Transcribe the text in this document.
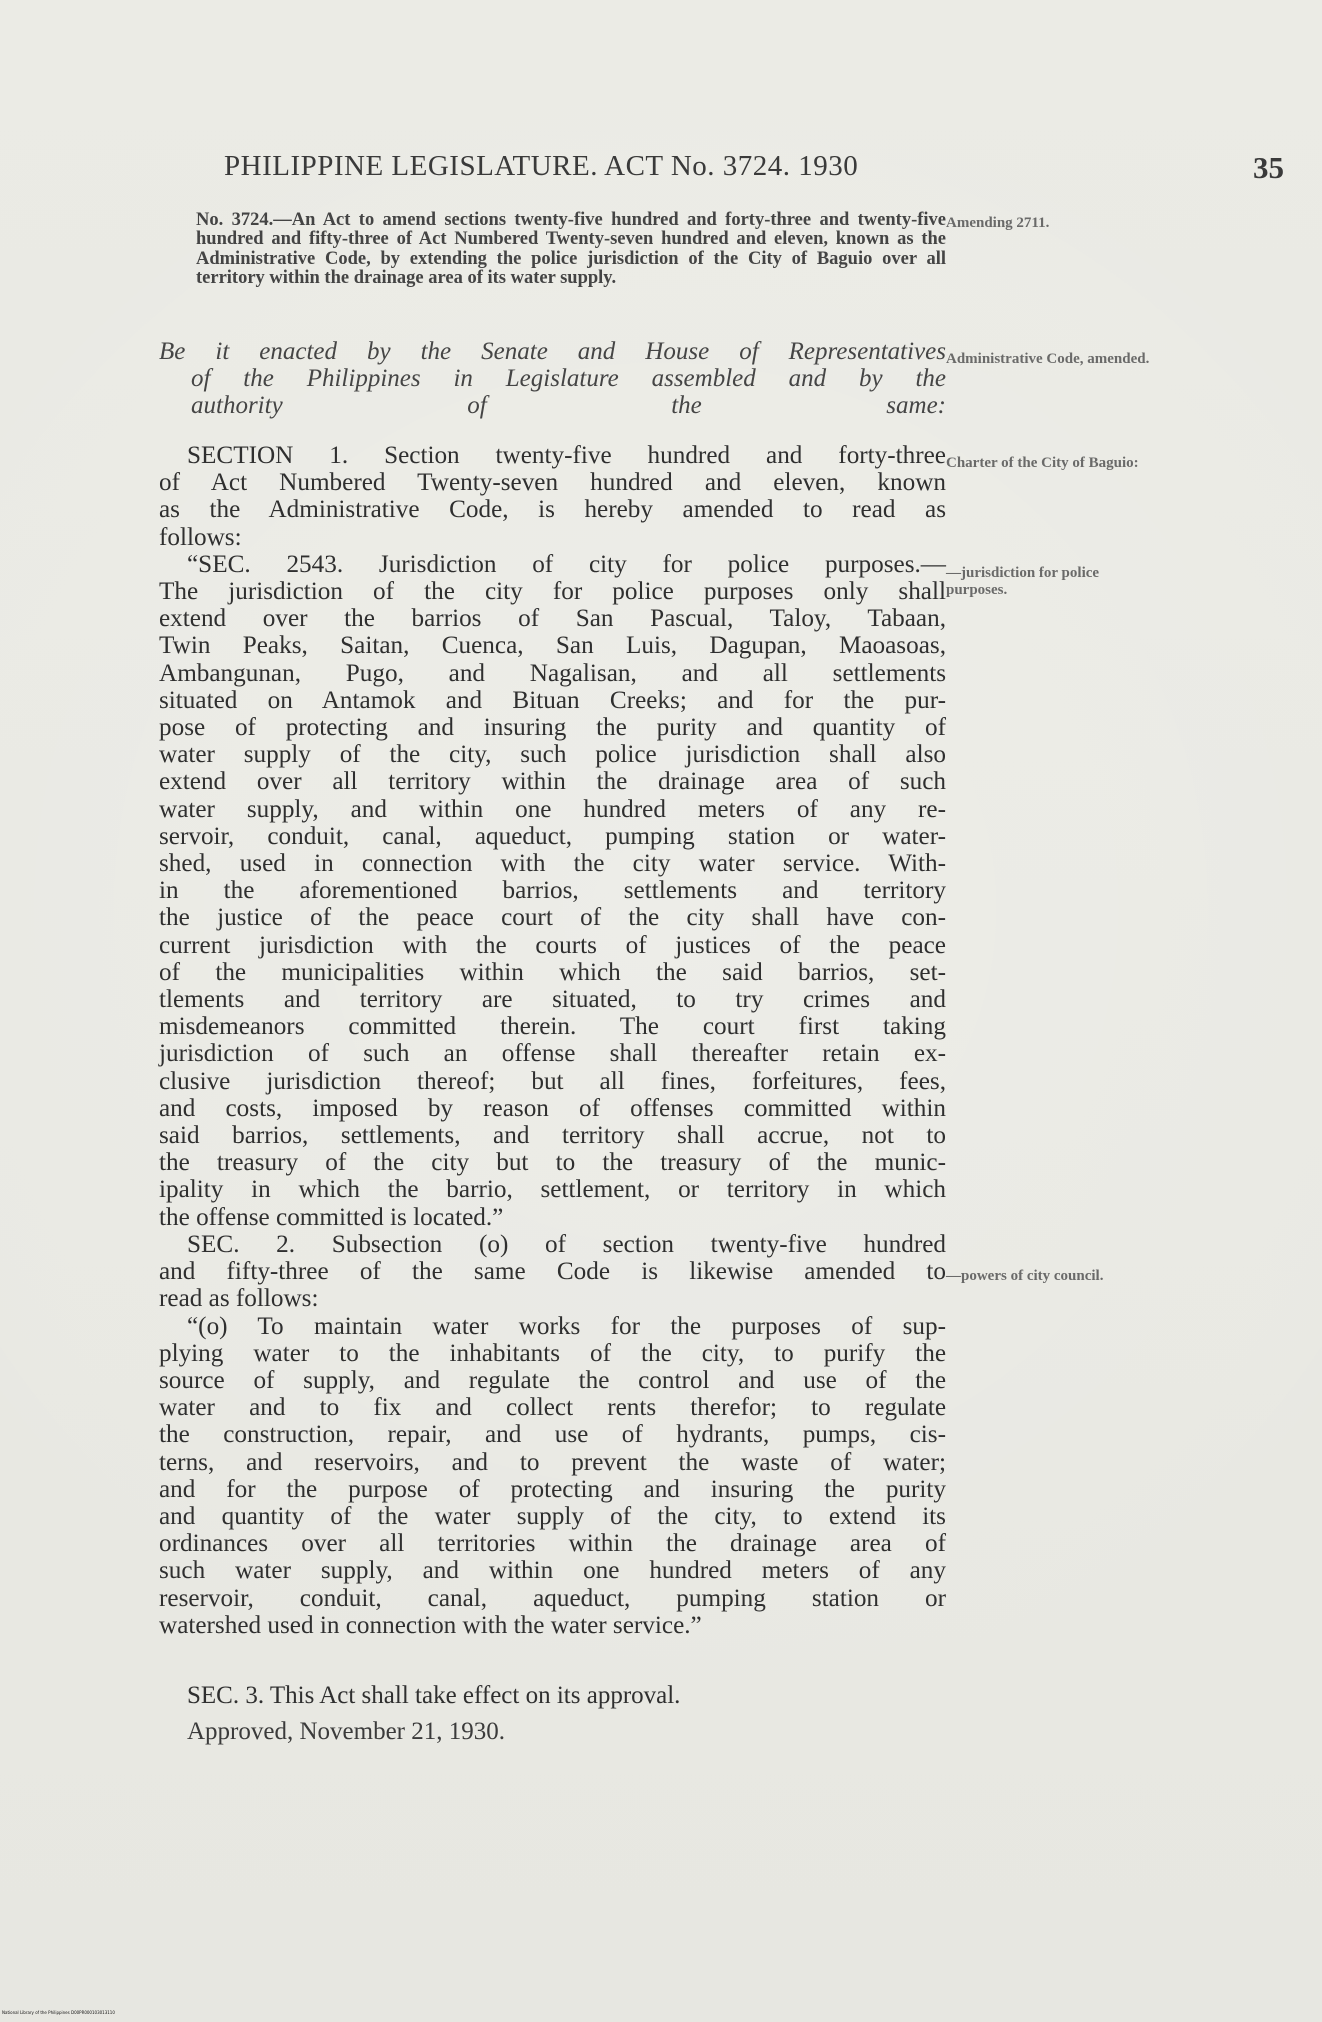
PHILIPPINE LEGISLATURE. ACT No. 3724. 1930	35
No. 3724.—An Act to amend sections twenty-five hundred and forty-three and twenty-five hundred and fifty-three of Act Numbered Twenty-seven hundred and eleven, known as the Administrative Code, by extending the police jurisdiction of the City of Baguio over all territory within the drainage area of its water supply.
Be it enacted by the Senate and House of Representatives
of the Philippines in Legislature assembled and by the
authority of the same:
SECTION 1. Section twenty-five hundred and forty-three
of Act Numbered Twenty-seven hundred and eleven, known
as the Administrative Code, is hereby amended to read as
follows:
“SEC. 2543. Jurisdiction of city for police purposes.—
The jurisdiction of the city for police purposes only shall
extend over the barrios of San Pascual, Taloy, Tabaan,
Twin Peaks, Saitan, Cuenca, San Luis, Dagupan, Maoasoas,
Ambangunan, Pugo, and Nagalisan, and all settlements
situated on Antamok and Bituan Creeks; and for the pur-
pose of protecting and insuring the purity and quantity of
water supply of the city, such police jurisdiction shall also
extend over all territory within the drainage area of such
water supply, and within one hundred meters of any re-
servoir, conduit, canal, aqueduct, pumping station or water-
shed, used in connection with the city water service. With-
in the aforementioned barrios, settlements and territory
the justice of the peace court of the city shall have con-
current jurisdiction with the courts of justices of the peace
of the municipalities within which the said barrios, set-
tlements and territory are situated, to try crimes and
misdemeanors committed therein. The court first taking
jurisdiction of such an offense shall thereafter retain ex-
clusive jurisdiction thereof; but all fines, forfeitures, fees,
and costs, imposed by reason of offenses committed within
said barrios, settlements, and territory shall accrue, not to
the treasury of the city but to the treasury of the munic-
ipality in which the barrio, settlement, or territory in which
the offense committed is located.”
SEC. 2. Subsection (o) of section twenty-five hundred
and fifty-three of the same Code is likewise amended to
read as follows:
“(o) To maintain water works for the purposes of sup-
plying water to the inhabitants of the city, to purify the
source of supply, and regulate the control and use of the
water and to fix and collect rents therefor; to regulate
the construction, repair, and use of hydrants, pumps, cis-
terns, and reservoirs, and to prevent the waste of water;
and for the purpose of protecting and insuring the purity
and quantity of the water supply of the city, to extend its
ordinances over all territories within the drainage area of
such water supply, and within one hundred meters of any
reservoir, conduit, canal, aqueduct, pumping station or
watershed used in connection with the water service.”
SEC. 3. This Act shall take effect on its approval.
Approved, November 21, 1930.
Amending 2711.
Administrative Code, amended.
Charter of the City of Baguio:
—jurisdiction for police purposes.
—powers of city council.
National Library of the Philippines D00PR000103013110
